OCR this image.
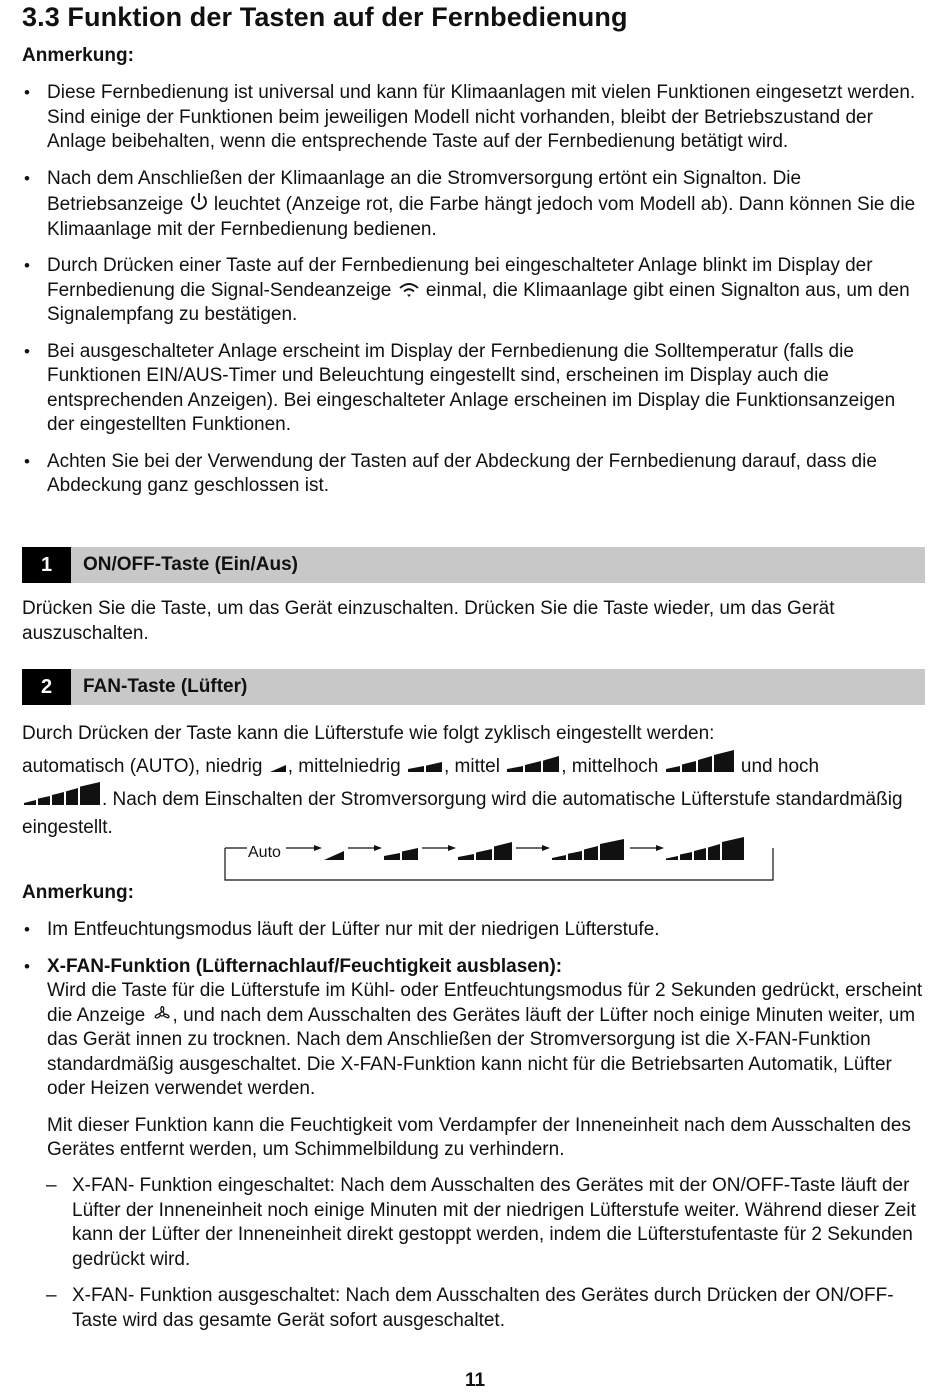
3.3 Funktion der Tasten auf der Fernbedienung
Anmerkung:
• Diese Fernbedienung ist universal und kann für Klimaanlagen mit vielen Funktionen eingesetzt werden. Sind einige der Funktionen beim jeweiligen Modell nicht vorhanden, bleibt der Betriebszustand der Anlage beibehalten, wenn die entsprechende Taste auf der Fernbedienung betätigt wird.
• Nach dem Anschließen der Klimaanlage an die Stromversorgung ertönt ein Signalton. Die Betriebsanzeige  leuchtet (Anzeige rot, die Farbe hängt jedoch vom Modell ab). Dann können Sie die Klimaanlage mit der Fernbedienung bedienen.
• Durch Drücken einer Taste auf der Fernbedienung bei eingeschalteter Anlage blinkt im Display der Fernbedienung die Signal-Sendeanzeige  einmal, die Klimaanlage gibt einen Signalton aus, um den Signalempfang zu bestätigen.
• Bei ausgeschalteter Anlage erscheint im Display der Fernbedienung die Solltemperatur (falls die Funktionen EIN/AUS-Timer und Beleuchtung eingestellt sind, erscheinen im Display auch die entsprechenden Anzeigen). Bei eingeschalteter Anlage erscheinen im Display die Funktionsanzeigen der eingestellten Funktionen.
• Achten Sie bei der Verwendung der Tasten auf der Abdeckung der Fernbedienung darauf, dass die Abdeckung ganz geschlossen ist.
1	ON/OFF-Taste (Ein/Aus)
Drücken Sie die Taste, um das Gerät einzuschalten. Drücken Sie die Taste wieder, um das Gerät auszuschalten.
2	FAN-Taste (Lüfter)
Durch Drücken der Taste kann die Lüfterstufe wie folgt zyklisch eingestellt werden:
automatisch (AUTO), niedrig , mittelniedrig , mittel	, mittelhoch	und hoch
. Nach dem Einschalten der Stromversorgung wird die automatische Lüfterstufe standardmäßig eingestellt.
Anmerkung:
• Im Entfeuchtungsmodus läuft der Lüfter nur mit der niedrigen Lüfterstufe.
• X-FAN-Funktion (Lüfternachlauf/Feuchtigkeit ausblasen):
Wird die Taste für die Lüfterstufe im Kühl- oder Entfeuchtungsmodus für 2 Sekunden gedrückt, erscheint die Anzeige , und nach dem Ausschalten des Gerätes läuft der Lüfter noch einige Minuten weiter, um das Gerät innen zu trocknen. Nach dem Anschließen der Stromversorgung ist die X-FAN-Funktion standardmäßig ausgeschaltet. Die X-FAN-Funktion kann nicht für die Betriebsarten Automatik, Lüfter oder Heizen verwendet werden.
Mit dieser Funktion kann die Feuchtigkeit vom Verdampfer der Inneneinheit nach dem Ausschalten des Gerätes entfernt werden, um Schimmelbildung zu verhindern.
– X-FAN- Funktion eingeschaltet: Nach dem Ausschalten des Gerätes mit der ON/OFF-Taste läuft der Lüfter der Inneneinheit noch einige Minuten mit der niedrigen Lüfterstufe weiter. Während dieser Zeit kann der Lüfter der Inneneinheit direkt gestoppt werden, indem die Lüfterstufentaste für 2 Sekunden gedrückt wird.
– X-FAN- Funktion ausgeschaltet: Nach dem Ausschalten des Gerätes durch Drücken der ON/OFF-Taste wird das gesamte Gerät sofort ausgeschaltet.
Auto
11
